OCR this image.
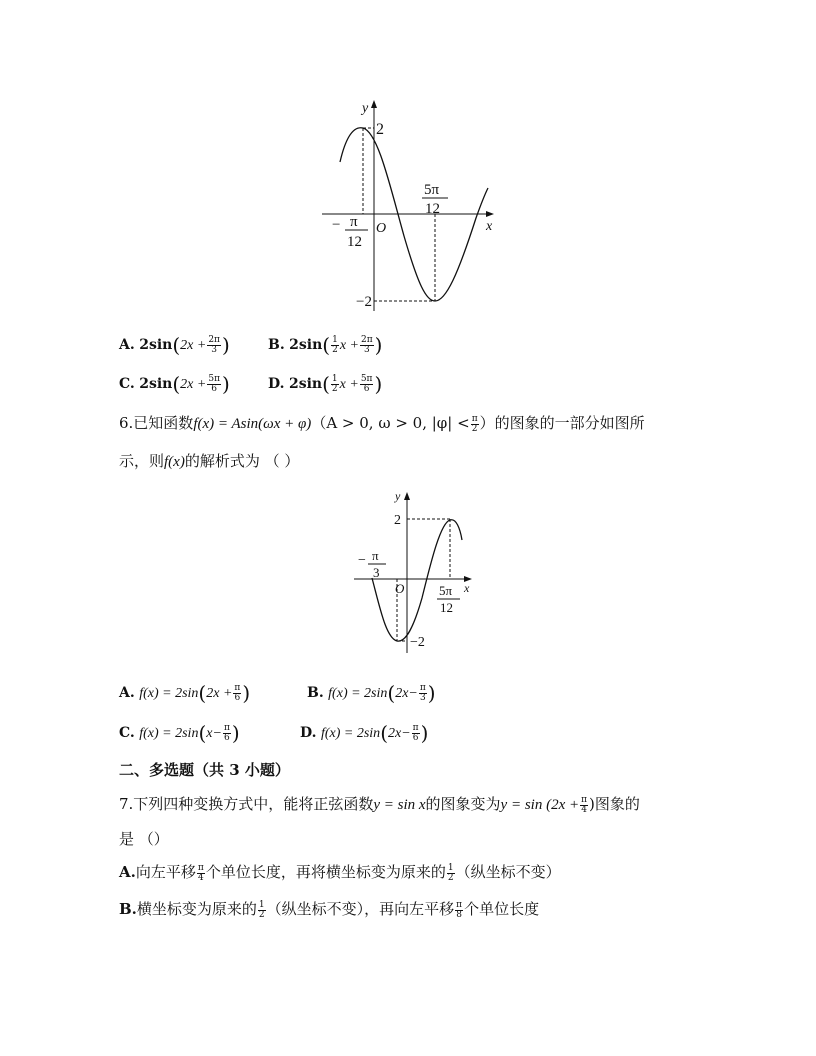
y
x
O
2
−2
− π
12
5π
12
A. $2\sin(2x + \frac{2\pi}{3}$ )	B. $2\sin( \frac{1}{2}$ $x + \frac{2\pi}{3}$ )
C. $2\sin(2x + \frac{5\pi}{6}$ )	D. $2\sin( \frac{1}{2}$ $x + \frac{5\pi}{6}$ )
6.已知函数f(x) = Asin(ωx + φ)（A > 0, ω > 0, $|\varphi| < \frac{\pi}{2}$ ）的图象的一部分如图所
示，则f(x)的解析式为 （ ）
y
x
O
2
−2
− π
3
5π
12
A. $f(x) = 2\sin(2x + \frac{\pi}{6}$ )	B. $f(x) = 2\sin(2x- \frac{\pi}{3}$ )
C. $f(x) = 2\sin(x- \frac{\pi}{6}$ )	D. $f(x) = 2\sin(2x- \frac{\pi}{6}$ )
二、多选题（共 3 小题）
7.下列四种变换方式中，能将正弦函数y = sin x的图象变为$y = \sin (2x + \frac{\pi}{4}$ )图象的
是 （）
A.向左平移 $\frac{\pi}{4}$ 个单位长度，再将横坐标变为原来的 $\frac{1}{2}$ （纵坐标不变）
B.横坐标变为原来的 $\frac{1}{2}$ （纵坐标不变），再向左平移 $\frac{\pi}{8}$ 个单位长度
